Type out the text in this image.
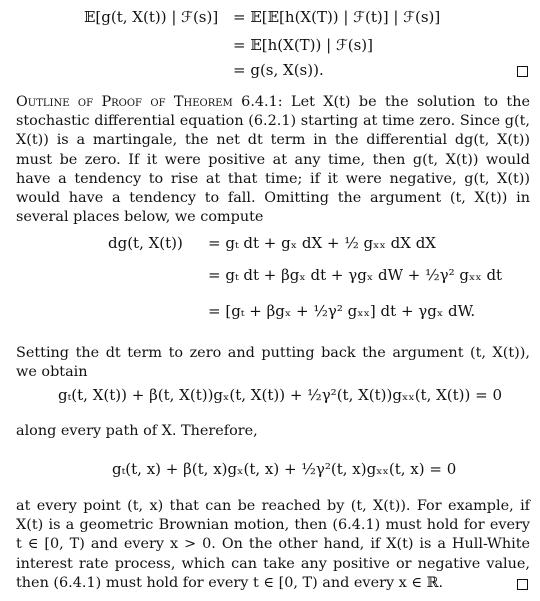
𝔼[g(t, X(t)) | ℱ(s)] = 𝔼[𝔼[h(X(T)) | ℱ(t)] | ℱ(s)]
= 𝔼[h(X(T)) | ℱ(s)]
= g(s, X(s)).
Outline of Proof of Theorem 6.4.1: Let X(t) be the solution to the stochastic differential equation (6.2.1) starting at time zero. Since g(t, X(t)) is a martingale, the net dt term in the differential dg(t, X(t)) must be zero. If it were positive at any time, then g(t, X(t)) would have a tendency to rise at that time; if it were negative, g(t, X(t)) would have a tendency to fall. Omitting the argument (t, X(t)) in several places below, we compute
dg(t, X(t)) = gₜ dt + gₓ dX + ½ gₓₓ dX dX
= gₜ dt + βgₓ dt + γgₓ dW + ½γ² gₓₓ dt
= [gₜ + βgₓ + ½γ² gₓₓ] dt + γgₓ dW.
Setting the dt term to zero and putting back the argument (t, X(t)), we obtain
gₜ(t, X(t)) + β(t, X(t))gₓ(t, X(t)) + ½γ²(t, X(t))gₓₓ(t, X(t)) = 0
along every path of X. Therefore,
gₜ(t, x) + β(t, x)gₓ(t, x) + ½γ²(t, x)gₓₓ(t, x) = 0
at every point (t, x) that can be reached by (t, X(t)). For example, if X(t) is a geometric Brownian motion, then (6.4.1) must hold for every t ∈ [0, T) and every x > 0. On the other hand, if X(t) is a Hull-White interest rate process, which can take any positive or negative value, then (6.4.1) must hold for every t ∈ [0, T) and every x ∈ ℝ.
